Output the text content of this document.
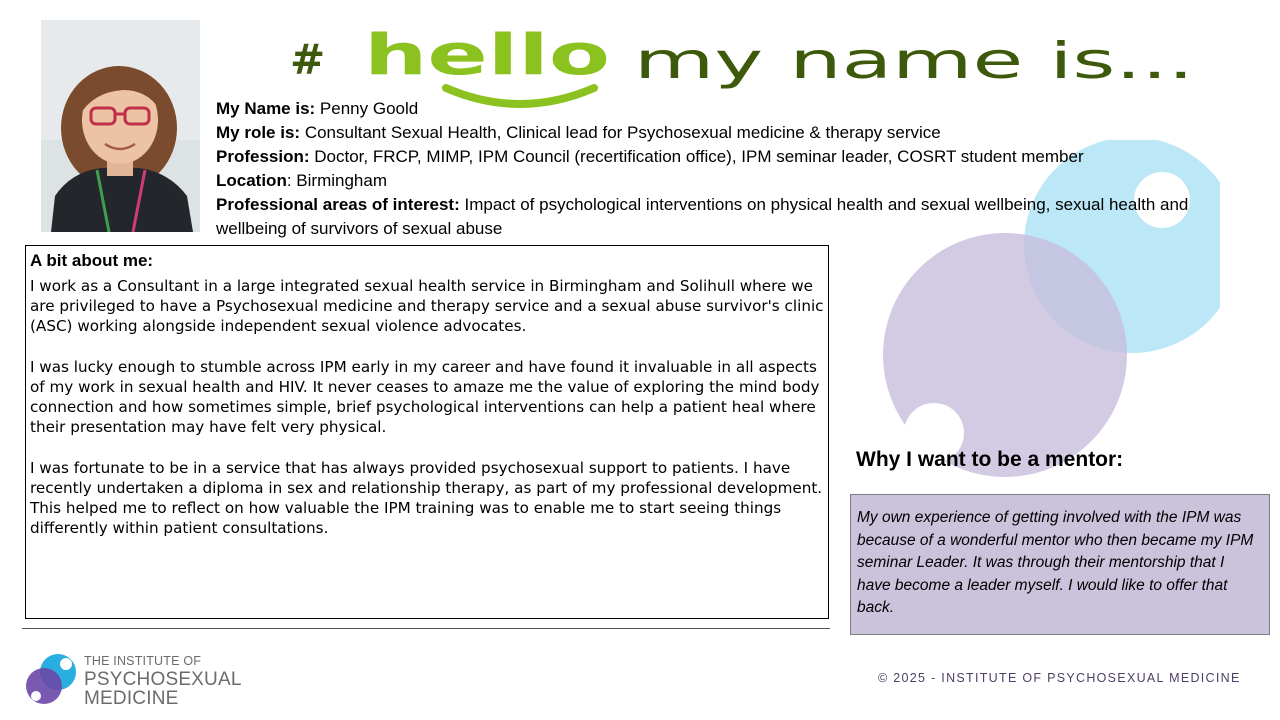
# hello my name is...
My Name is: Penny Goold
My role is: Consultant Sexual Health, Clinical lead for Psychosexual medicine & therapy service
Profession: Doctor, FRCP, MIMP, IPM Council (recertification office), IPM seminar leader, COSRT student member
Location: Birmingham
Professional areas of interest: Impact of psychological interventions on physical health and sexual wellbeing, sexual health and wellbeing of survivors of sexual abuse
A bit about me:

I work as a Consultant in a large integrated sexual health service in Birmingham and Solihull where we are privileged to have a Psychosexual medicine and therapy service and a sexual abuse survivor's clinic (ASC) working alongside independent sexual violence advocates.

I was lucky enough to stumble across IPM early in my career and have found it invaluable in all aspects of my work in sexual health and HIV. It never ceases to amaze me the value of exploring the mind body connection and how sometimes simple, brief psychological interventions can help a patient heal where their presentation may have felt very physical.

I was fortunate to be in a service that has always provided psychosexual support to patients. I have recently undertaken a diploma in sex and relationship therapy, as part of my professional development. This helped me to reflect on how valuable the IPM training was to enable me to start seeing things differently within patient consultations.

Why I want to be a mentor:
My own experience of getting involved with the IPM was because of a wonderful mentor who then became my IPM seminar Leader. It was through their mentorship that I have become a leader myself. I would like to offer that back.
THE INSTITUTE OF
PSYCHOSEXUAL
MEDICINE
© 2025 - INSTITUTE OF PSYCHOSEXUAL MEDICINE
